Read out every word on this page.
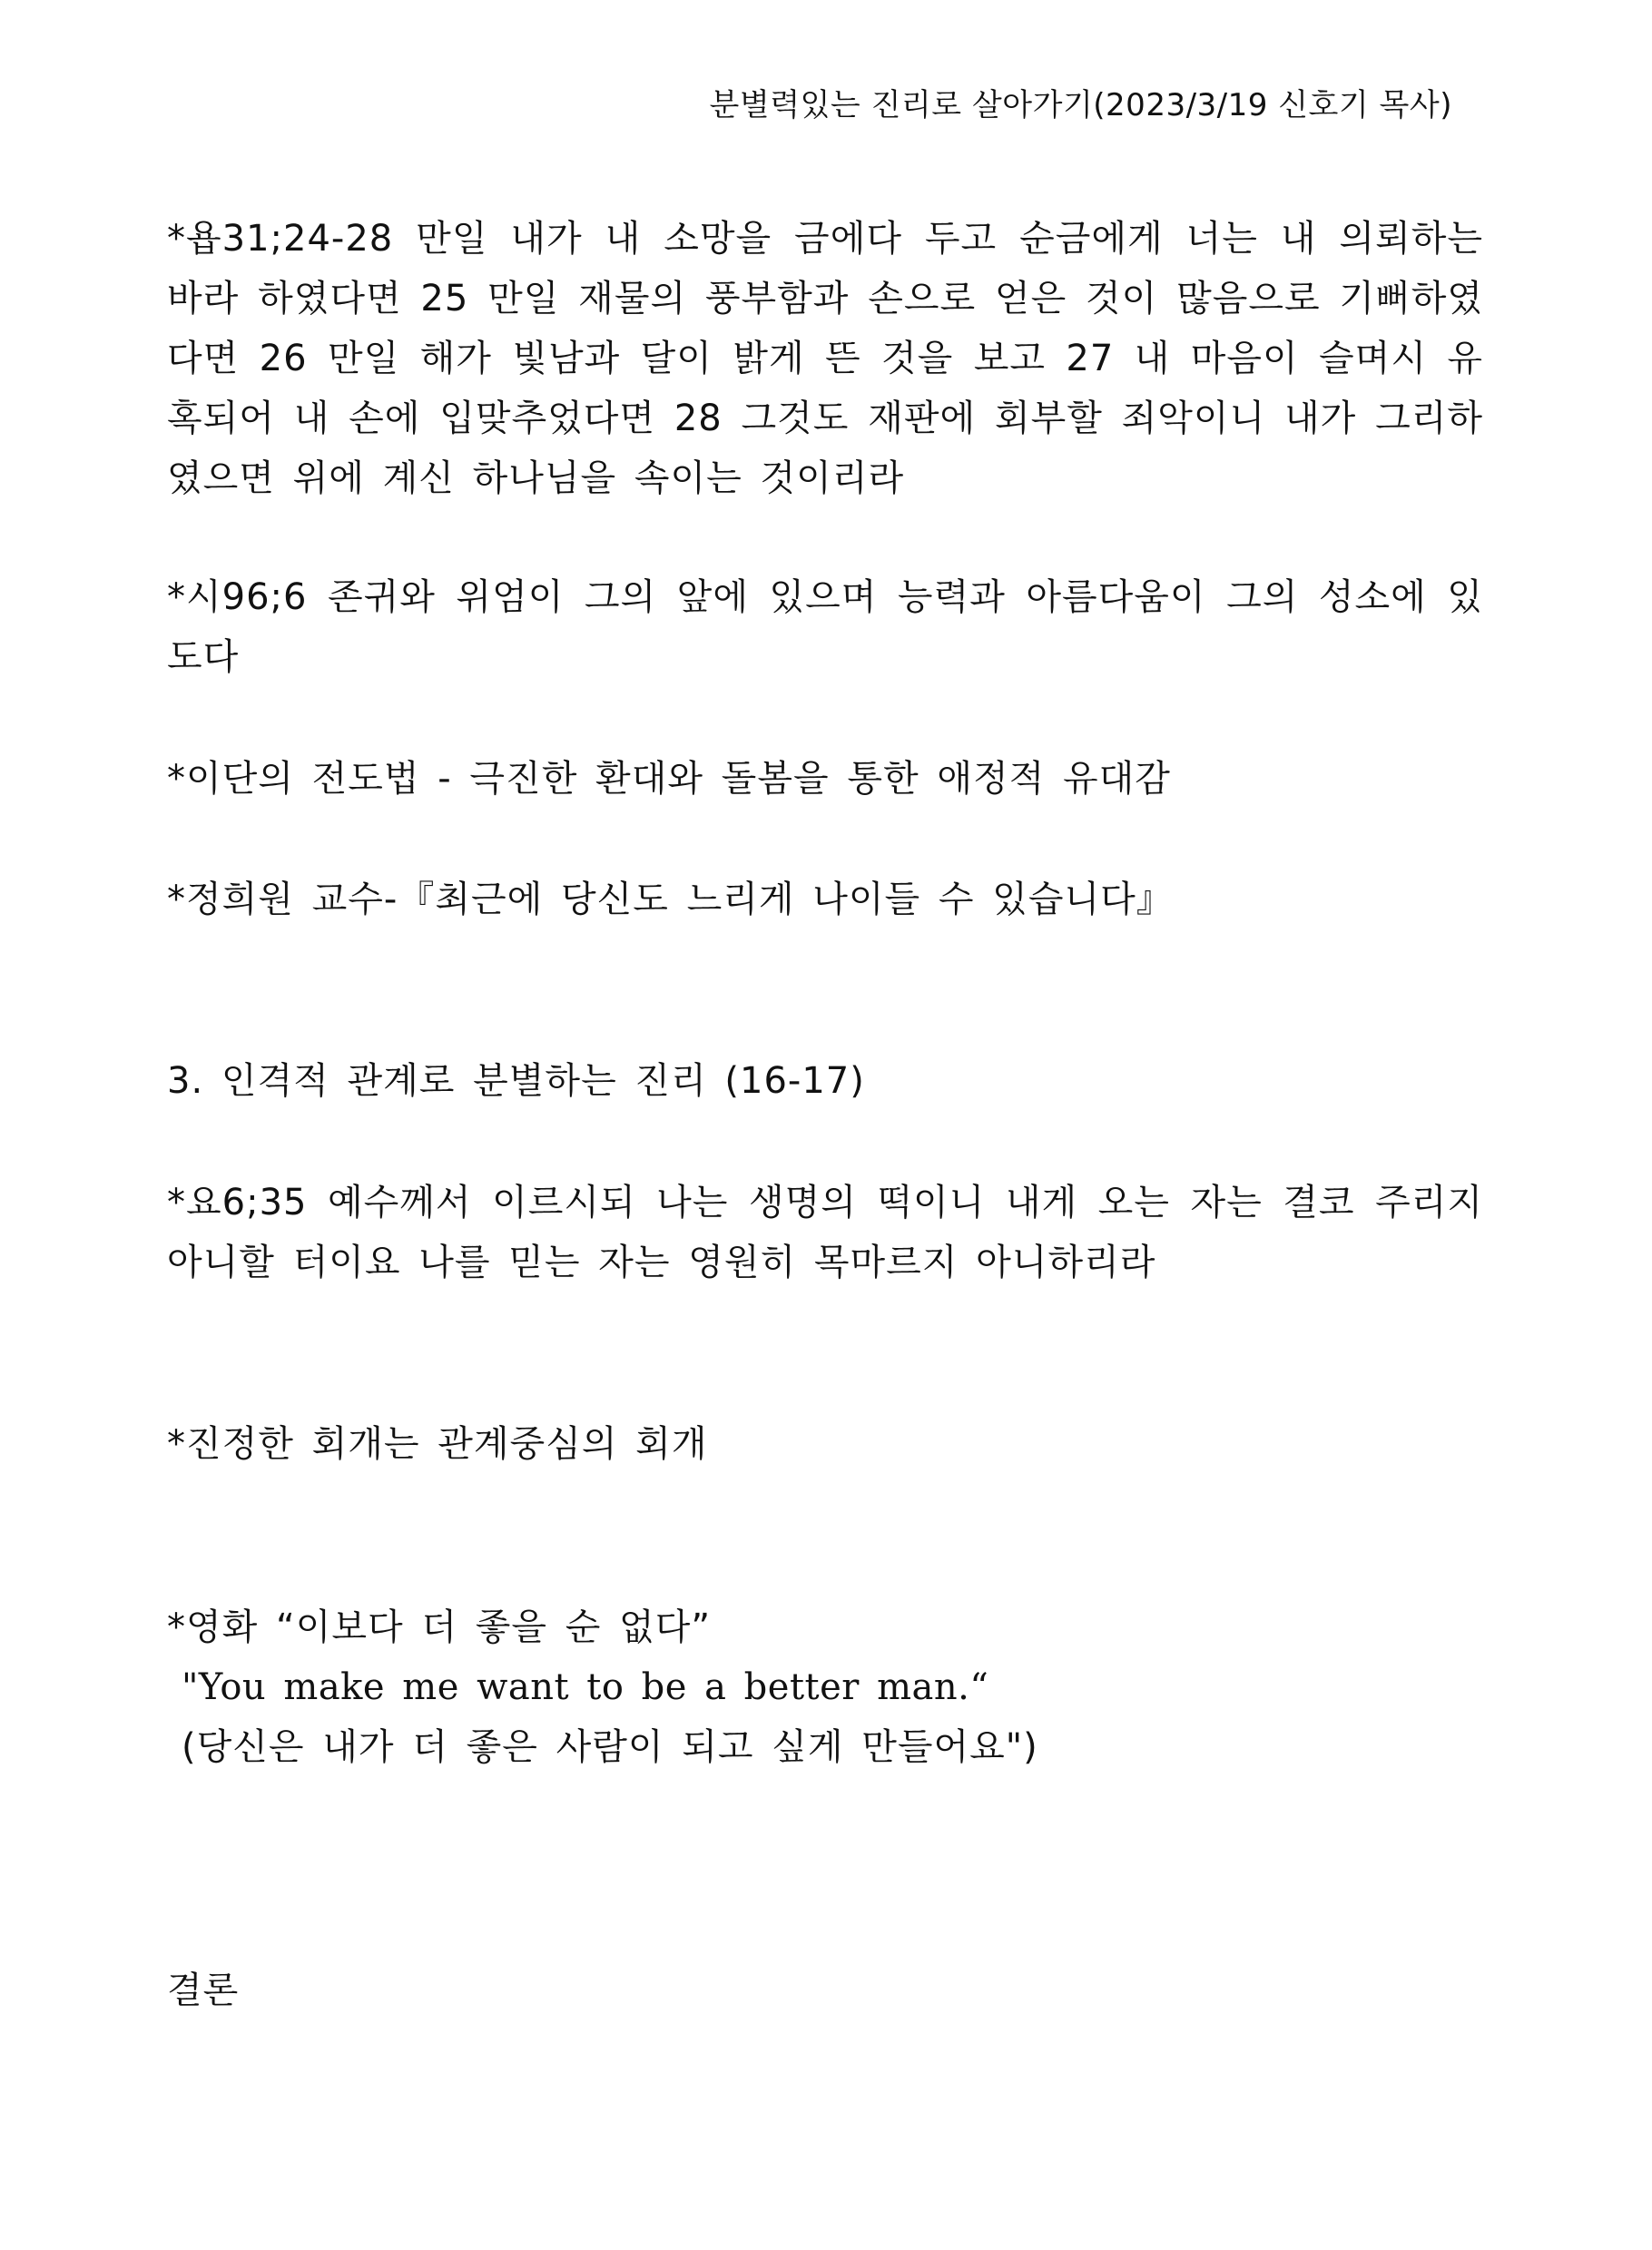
분별력있는 진리로 살아가기(2023/3/19 신호기 목사)

*욥31;24-28 만일 내가 내 소망을 금에다 두고 순금에게 너는 내 의뢰하는 바라 하였다면 25 만일 재물의 풍부함과 손으로 얻은 것이 많음으로 기뻐하였다면 26 만일 해가 빛남과 달이 밝게 뜬 것을 보고 27 내 마음이 슬며시 유혹되어 내 손에 입맞추었다면 28 그것도 재판에 회부할 죄악이니 내가 그리하였으면 위에 계신 하나님을 속이는 것이리라

*시96;6 존귀와 위엄이 그의 앞에 있으며 능력과 아름다움이 그의 성소에 있도다

*이단의 전도법 - 극진한 환대와 돌봄을 통한 애정적 유대감

*정희원 교수-『최근에 당신도 느리게 나이들 수 있습니다』

3. 인격적 관계로 분별하는 진리 (16-17)

*요6;35 예수께서 이르시되 나는 생명의 떡이니 내게 오는 자는 결코 주리지 아니할 터이요 나를 믿는 자는 영원히 목마르지 아니하리라

*진정한 회개는 관계중심의 회개

*영화 “이보다 더 좋을 순 없다”

"You make me want to be a better man.“

(당신은 내가 더 좋은 사람이 되고 싶게 만들어요")

결론
